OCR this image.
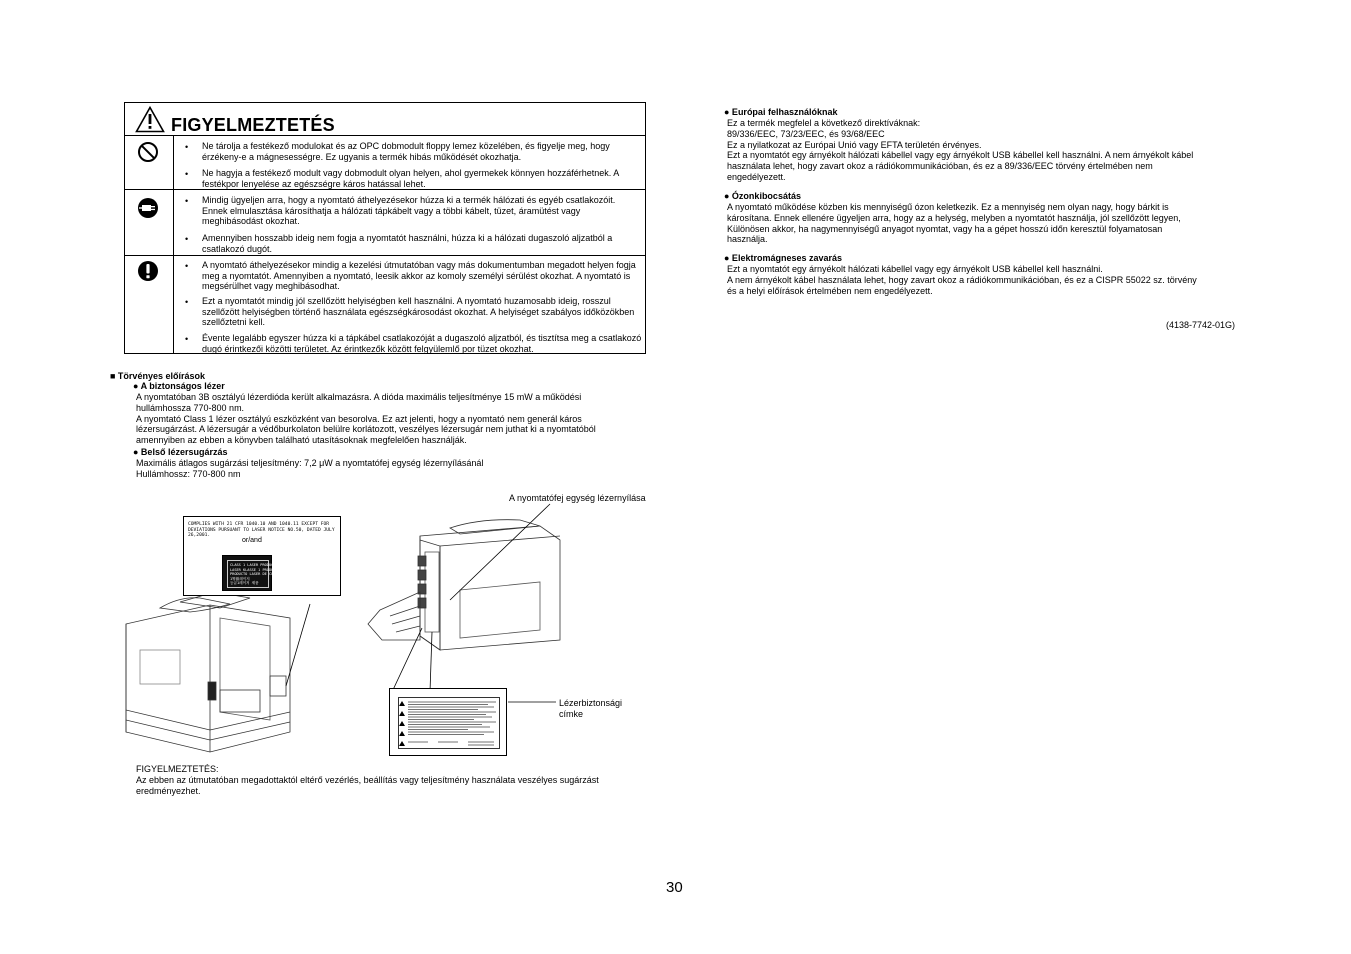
FIGYELMEZTETÉS
• Ne tárolja a festékező modulokat és az OPC dobmodult floppy lemez közelében, és figyelje meg, hogy érzékeny-e a mágnesességre. Ez ugyanis a termék hibás működését okozhatja.
• Ne hagyja a festékező modult vagy dobmodult olyan helyen, ahol gyermekek könnyen hozzáférhetnek. A festékpor lenyelése az egészségre káros hatással lehet.
• Mindig ügyeljen arra, hogy a nyomtató áthelyezésekor húzza ki a termék hálózati és egyéb csatlakozóit. Ennek elmulasztása károsíthatja a hálózati tápkábelt vagy a többi kábelt, tüzet, áramütést vagy meghibásodást okozhat.
• Amennyiben hosszabb ideig nem fogja a nyomtatót használni, húzza ki a hálózati dugaszoló aljzatból a csatlakozó dugót.
• A nyomtató áthelyezésekor mindig a kezelési útmutatóban vagy más dokumentumban megadott helyen fogja meg a nyomtatót. Amennyiben a nyomtató, leesik akkor az komoly személyi sérülést okozhat. A nyomtató is megsérülhet vagy meghibásodhat.
• Ezt a nyomtatót mindig jól szellőzött helyiségben kell használni. A nyomtató huzamosabb ideig, rosszul szellőzött helyiségben történő használata egészségkárosodást okozhat. A helyiséget szabályos időközökben szellőztetni kell.
• Évente legalább egyszer húzza ki a tápkábel csatlakozóját a dugaszoló aljzatból, és tisztítsa meg a csatlakozó dugó érintkezői közötti területet. Az érintkezők között felgyülemlő por tüzet okozhat.
■ Törvényes előírások
● A biztonságos lézer
A nyomtatóban 3B osztályú lézerdióda került alkalmazásra. A dióda maximális teljesítménye 15 mW a működési
hullámhossza 770-800 nm.
A nyomtató Class 1 lézer osztályú eszközként van besorolva. Ez azt jelenti, hogy a nyomtató nem generál káros
lézersugárzást. A lézersugár a védőburkolaton belülre korlátozott, veszélyes lézersugár nem juthat ki a nyomtatóból
amennyiben az ebben a könyvben található utasításoknak megfelelően használják.
● Belső lézersugárzás
Maximális átlagos sugárzási teljesítmény: 7,2 μW a nyomtatófej egység lézernyílásánál
Hullámhossz: 770-800 nm
A nyomtatófej egység lézernyílása
Lézerbiztonsági
címke
COMPLIES WITH 21 CFR 1040.10 AND 1040.11 EXCEPT FOR
DEVIATIONS PURSUANT TO LASER NOTICE NO.50, DATED JULY 26,2001.
or/and
CLASS 1 LASER PRODUCT
LASER KLASSE 1 PRODUKT
PRODUCTO LASER DE CLASE 1
1等級레이저
등급1레이저 제품
FIGYELMEZTETÉS:
Az ebben az útmutatóban megadottaktól eltérő vezérlés, beállítás vagy teljesítmény használata veszélyes sugárzást
eredményezhet.
● Európai felhasználóknak
Ez a termék megfelel a következő direktíváknak:
89/336/EEC, 73/23/EEC, és 93/68/EEC
Ez a nyilatkozat az Európai Unió vagy EFTA területén érvényes.
Ezt a nyomtatót egy árnyékolt hálózati kábellel vagy egy árnyékolt USB kábellel kell használni. A nem árnyékolt kábel
használata lehet, hogy zavart okoz a rádiókommunikációban, és ez a 89/336/EEC törvény értelmében nem
engedélyezett.
● Ózonkibocsátás
A nyomtató működése közben kis mennyiségű ózon keletkezik. Ez a mennyiség nem olyan nagy, hogy bárkit is
károsítana. Ennek ellenére ügyeljen arra, hogy az a helység, melyben a nyomtatót használja, jól szellőzött legyen,
Különösen akkor, ha nagymennyiségű anyagot nyomtat, vagy ha a gépet hosszú időn keresztül folyamatosan
használja.
● Elektromágneses zavarás
Ezt a nyomtatót egy árnyékolt hálózati kábellel vagy egy árnyékolt USB kábellel kell használni.
A nem árnyékolt kábel használata lehet, hogy zavart okoz a rádiókommunikációban, és ez a CISPR 55022 sz. törvény
és a helyi előírások értelmében nem engedélyezett.
(4138-7742-01G)
30
